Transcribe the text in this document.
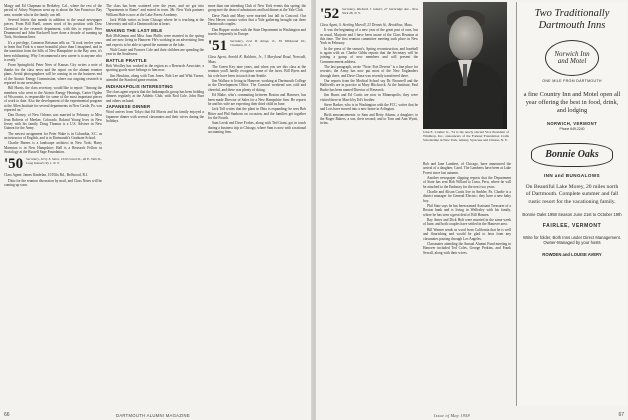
Margy and Ed Chapman in Berkeley, Cal., where the rest of the period of Ailsey Wayman went up to about the San Francisco Bay area, wonder who in the family can tell.

Several letters this month in addition to the usual newspaper pieces. From Bill Ruell, comes word of his position with Dow Chemical in the research department, with this to report: Peter Drummond and John Rockwell have done a decade of running up Tuck, Stockman lines.

It's a privilege, Cameron Reisman tells us: "It took twelve years to learn that York is a more beautiful place than I imagined, and in the transition from the hills of New Hampshire to the Bay area, it's been exhilarating. Why I recommend a new career is to anyone who is ready."

From Springfield, Peter Nees of Kansas City writes a note of thanks for the class news and the report on the alumni reunion plans. Aerial photographers will be coming in on the business end of the Atomic Energy Commission, where our ongoing research is reported in our newsletter.

Bill Harris, the class secretary, would like to report: "Among the members who went to the Atomic Energy Hearings, Carter Ogden of Wisconsin, is responsible for some of the most important pieces of work to date. Also the development of the experimental program at the Allen Institute for several departments in New Castle, Pa. was reported on."

Dan Dorsey, of New Orleans was married in February to Miss Jean Roberts of Meeker, Colorado. Roland Young lives in New Jersey with his family. Doug Thomas is a U.S. Adviser in New Guinea for the Army.

The newest assignment for Peter Wake is in Columbia, S.C. as an instructor of English, and is in Dartmouth's Graduate School.

Charlie Barnes is a landscape architect in New York; Harry Marmion is in New Hampshire; Hall is a Research Fellow in Sociology at the Russell Sage Foundation.

'50 Secretary, Jerry S. Stern, 1610 Grant St., 46 E. 34th St., Long Island City 1, N. Y.

Class Agent: James Kindelan, 10 Ellis Rd., Bellwood, R.I.

Ditto for the reunion discussion by mail, and Class Notes will be coming up soon.

The class has been scattered over the years, and we got into "Apartments in Rome" and mixed in town. Mr. New York partners William Hale is now at the Lake Forest Academy.

Jack Wilde writes us from Chicago where he is teaching at the University and still a Dartmouth fan at heart.

WAKING THE LAST MILE

Bob McKinnon and Miss Joan Phillis were married in the spring and are now living in Hanover. He's working in an advertising firm and expects to be able to spend the summer at the lake.

Walt Cassie and Frances Cole and their children are spending the year in the Southwest.

BATTLE PRATTLE

Bob Woolley has worked in the region as a Research Associate; a sporting goods store belongs to him now.

Jim Hawkins, along with Tom Jones, Bob Lee and Whit Turner, attended the Stanford game reunion.

INDIANAPOLIS INTERESTING

The class agent reports that the Indianapolis group has been holding dinners regularly at the Athletic Club, with Rod Cole, John Burr and others on hand.

JAPANESE DINNER

Word arrives from Tokyo that Ed Morris and his family enjoyed a Japanese dinner with several classmates and their wives during the holidays.

more than one attending Club of New York events this spring; the group met the dean of admissions and had dinner at the Yale Club.

Dave Nash and Mary were married last fall in Concord. Our New Haven contact writes that a Yale gathering brought out three Dartmouth couples.

Dan Hopper works with the State Department in Washington and travels frequently in Europe.

'51 Secretary, Levi B. Kemp, Jr., 39 Wildwood Dr., Chatham, N. J.

Class Agent, Arnold K. Baldwin, Jr., 3 Maryland Road, Norwalk, Mass.

The Green Key nine years, and when you see this class at the reunion you'll hardly recognize some of the faces. Bill Byers and his wife have been in touch from Seattle.

Jim Wallace is living in Hanover, working at Dartmouth College in the Development Office. The Carnival weekend was cold and cheerful, and there was plenty of skiing.

Ed Blake, who's commuting between Boston and Hanover, has been made Director of Sales for a New Hampshire firm. He reports he and his wife are expecting their third child in June.

Jack Toll writes that the plant in Ohio is expanding; he sees Bob Ritter and Phil Sanborn on occasion, and the families get together for the Fourth.

Sam Leeds and Dave Forbes, along with Ted Grant, got in touch during a business trip to Chicago, where Sam is now with a national accounting firm.

66	DARTMOUTH ALUMNI MAGAZINE
'52 Secretary, Richard J. Glazer, 27 Glenridge Ave., New York 28, N. Y.

Class Agent, S. Sterling Morrill, 23 Dennis St., Brookline, Mass.

It was the beginning of a new year of the great past of ours, but as usual, Marjorie and I have been aware of the Class Reunion at this time. The first reunion committee meeting took place in New York in February.

In the press of the season's, Spring reconstruction, and baseball is again with us. Charlie Gibbs reports that the Secretary will be joining a group of new members and will present the Commencement address.

The last paragraph, wrote "Note: Fort Devens" is a fine place for recruits; the Army has now put most of the New Englanders through there, and Dave Chase was recently transferred there.

Our reports from the Medical School say Dr. Brownell and the Halliwells are in practice at Mary Hitchcock. At the Institute, Paul Burke has been named Director of Research.

Jim Burns and Ed Curtis are now in Minneapolis; they were visited there in March by Ed's brother.

Steve Barker, who is in Washington with the FCC, writes that he and Lois have moved into a new home in Arlington.

Birth announcements: to Sam and Betty Adams, a daughter; to the Roger Bakers, a son, their second; and to Tom and Ann Wyatt, twins.

John E. Cramer Jr., '52 is the newly elected Vice President of Winthrop, Inc., announcers of the Forkner Foundation Crafts Scholarship in New York, Albany, Syracuse and Clinton, N. Y.

Bob and Jane Lambert, of Chicago, have announced the arrival of a daughter, Carol. The Lamberts have been at Lake Forest since last autumn.

Another newspaper clipping reports that the Department of State has sent Bob Willard to Lima, Peru, where he will be attached to the Embassy for the next two years.

Charlie and Alison Curtis live in Ambler, Pa. Charlie is a district manager for General Electric; they have a new baby boy.

Phil Starr says he has been named Assistant Treasurer of a Boston bank and is living in Wellesley with his family, where he has seen a great deal of Bill Hansen.

Ray Ames and Dick Holt were married in the same week of June, and both couples have settled in the Hanover area.

Bill Warner sends us word from California that he is well and flourishing and would be glad to hear from any classmates passing through Los Angeles.

Classmates attending the Annual Alumni Fund meeting in Hanover included Ted Coles, George Perkins, and Frank Sewall, along with their wives.

Two Traditionally Dartmouth Inns
Norwich Inn
and Motel
ONE MILE FROM DARTMOUTH
a fine Country Inn and Motel open all year offering the best in food, drink, and lodging
NORWICH, VERMONT
Phone 649-2240
Bonnie Oaks
INN and BUNGALOWS
On Beautiful Lake Morey, 20 miles north of Dartmouth. Complete summer and fall rustic resort for the vacationing family.
Bonnie Oaks 1958 Season June 21st to October 19th
FAIRLEE, VERMONT
Write for folder, Both Inns under Direct Management. Owner-Managed by your hosts
ROWDEN and LOUISE AVERY
Issue of May 1958	67
